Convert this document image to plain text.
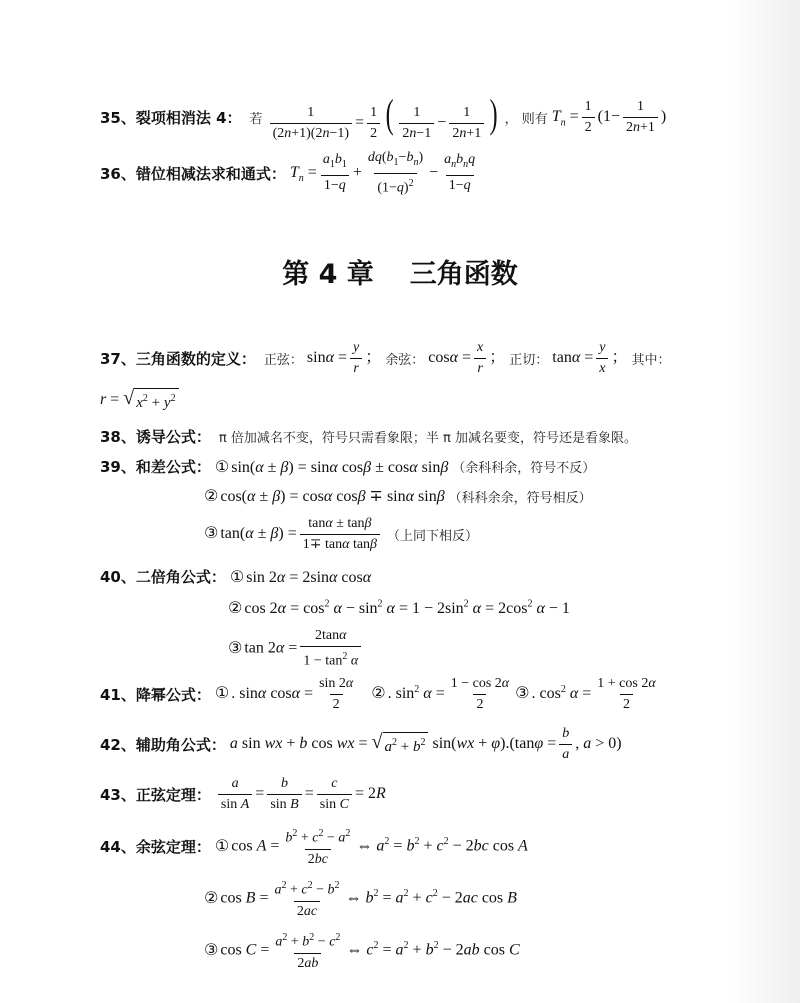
35、 裂项相消法 4： 若 $\frac{1}{(2n+1)(2n-1)} = \frac{1}{2}$ ( $\frac{1}{2n-1} - \frac{1}{2n+1}$ ) ， 则有 $T_n = \frac{1}{2} (1- \frac{1}{2n+1}$ )
36、 错位相减法求和通式： $T_n = \frac{a_1b_1}{1-q} + \frac{dq(b_1-b_n)}{(1-q)^2} - \frac{a_nb_nq}{1-q}$
第 4 章 三角函数
37、 三角函数的定义： 正弦： $\sin\alpha = \frac{y}{r}$ ； 余弦： $\cos\alpha = \frac{x}{r}$ ； 正切： $\tan\alpha = \frac{y}{x}$ ； 其中：
r = √ $x^2 + y^2$
38、 诱导公式： π 倍加减名不变，符号只需看象限；半 π 加减名要变，符号还是看象限。
39、 和差公式： ① sin(α ± β) = sinα cosβ ± cosα sinβ （余科科余，符号不反）
② cos(α ± β) = cosα cosβ ∓ sinα sinβ （科科余余，符号相反）
③ $\tan(\alpha \pm \beta) = \frac{\tan\alpha \pm \tan\beta}{\text{1∓ tanα tanβ}}$ （上同下相反）
40、 二倍角公式： ① sin 2α = 2sinα cosα
② $\cos 2\alpha = \cos^2 \alpha - \sin^2 \alpha = 1 - 2\sin^2$ $\alpha = 2\cos^2$ α − 1
③ $\tan 2\alpha = \frac{2\tan\alpha}{1 - \tan^2 \alpha}$
41、 降幂公式： ① . sinα $\cos\alpha = \frac{\sin 2\alpha}{2}$ ② . $\sin^2 \alpha = \frac{1 - \cos 2\alpha}{2}$ ③ . $\cos^2 \alpha = \frac{1 + \cos 2\alpha}{2}$
42、 辅助角公式： a sin wx + b cos wx = √ $a^2 + b^2$ $\sin(wx + \varphi).(\tan\varphi = \frac{b}{a}$ , a > 0)
43、 正弦定理： $\frac{a}{\text{sin A}} = \frac{b}{\text{sin B}} = \frac{c}{\text{sin C}} = 2R$
44、 余弦定理： ① $\cos A = \frac{b^2 + c^2 - a^2}{2bc}$ ⇔ $a^2 = b^2 + c^2 - 2bc$ cos A
② $\cos B = \frac{a^2 + c^2 - b^2}{2ac}$ ⇔ $b^2 = a^2 + c^2 - 2ac$ cos B
③ $\cos C = \frac{a^2 + b^2 - c^2}{2ab}$ ⇔ $c^2 = a^2 + b^2 - 2ab$ cos C
